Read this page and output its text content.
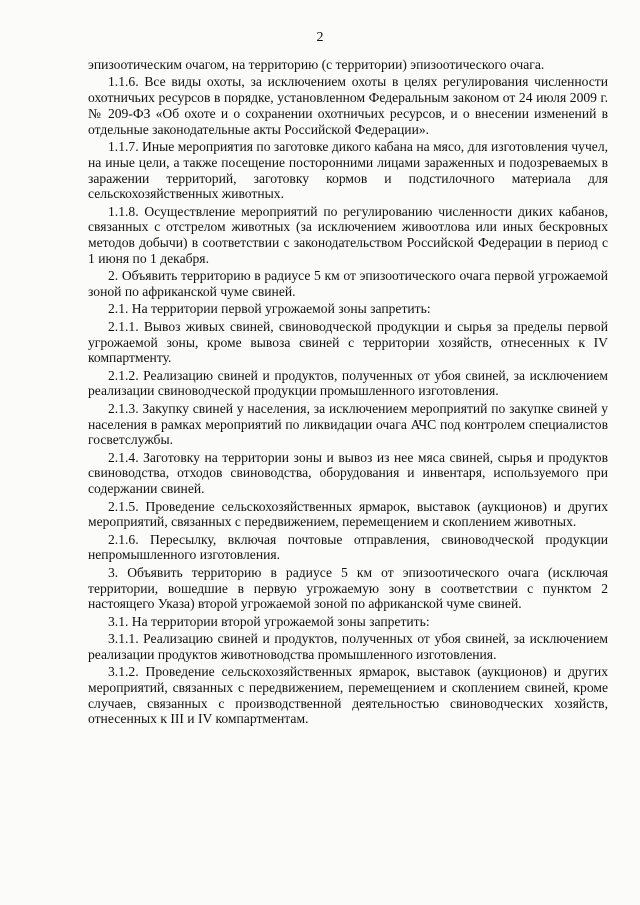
2

эпизоотическим очагом, на территорию (с территории) эпизоотического очага.

1.1.6. Все виды охоты, за исключением охоты в целях регулирования численности охотничьих ресурсов в порядке, установленном Федеральным законом от 24 июля 2009 г. № 209-ФЗ «Об охоте и о сохранении охотничьих ресурсов, и о внесении изменений в отдельные законодательные акты Российской Федерации».

1.1.7. Иные мероприятия по заготовке дикого кабана на мясо, для изготовления чучел, на иные цели, а также посещение посторонними лицами зараженных и подозреваемых в заражении территорий, заготовку кормов и подстилочного материала для сельскохозяйственных животных.

1.1.8. Осуществление мероприятий по регулированию численности диких кабанов, связанных с отстрелом животных (за исключением живоотлова или иных бескровных методов добычи) в соответствии с законодательством Российской Федерации в период с 1 июня по 1 декабря.

2. Объявить территорию в радиусе 5 км от эпизоотического очага первой угрожаемой зоной по африканской чуме свиней.

2.1. На территории первой угрожаемой зоны запретить:

2.1.1. Вывоз живых свиней, свиноводческой продукции и сырья за пределы первой угрожаемой зоны, кроме вывоза свиней с территории хозяйств, отнесенных к IV компартменту.

2.1.2. Реализацию свиней и продуктов, полученных от убоя свиней, за исключением реализации свиноводческой продукции промышленного изготовления.

2.1.3. Закупку свиней у населения, за исключением мероприятий по закупке свиней у населения в рамках мероприятий по ликвидации очага АЧС под контролем специалистов госветслужбы.

2.1.4. Заготовку на территории зоны и вывоз из нее мяса свиней, сырья и продуктов свиноводства, отходов свиноводства, оборудования и инвентаря, используемого при содержании свиней.

2.1.5. Проведение сельскохозяйственных ярмарок, выставок (аукционов) и других мероприятий, связанных с передвижением, перемещением и скоплением животных.

2.1.6. Пересылку, включая почтовые отправления, свиноводческой продукции непромышленного изготовления.

3. Объявить территорию в радиусе 5 км от эпизоотического очага (исключая территории, вошедшие в первую угрожаемую зону в соответствии с пунктом 2 настоящего Указа) второй угрожаемой зоной по африканской чуме свиней.

3.1. На территории второй угрожаемой зоны запретить:

3.1.1. Реализацию свиней и продуктов, полученных от убоя свиней, за исключением реализации продуктов животноводства промышленного изготовления.

3.1.2. Проведение сельскохозяйственных ярмарок, выставок (аукционов) и других мероприятий, связанных с передвижением, перемещением и скоплением свиней, кроме случаев, связанных с производственной деятельностью свиноводческих хозяйств, отнесенных к III и IV компартментам.
